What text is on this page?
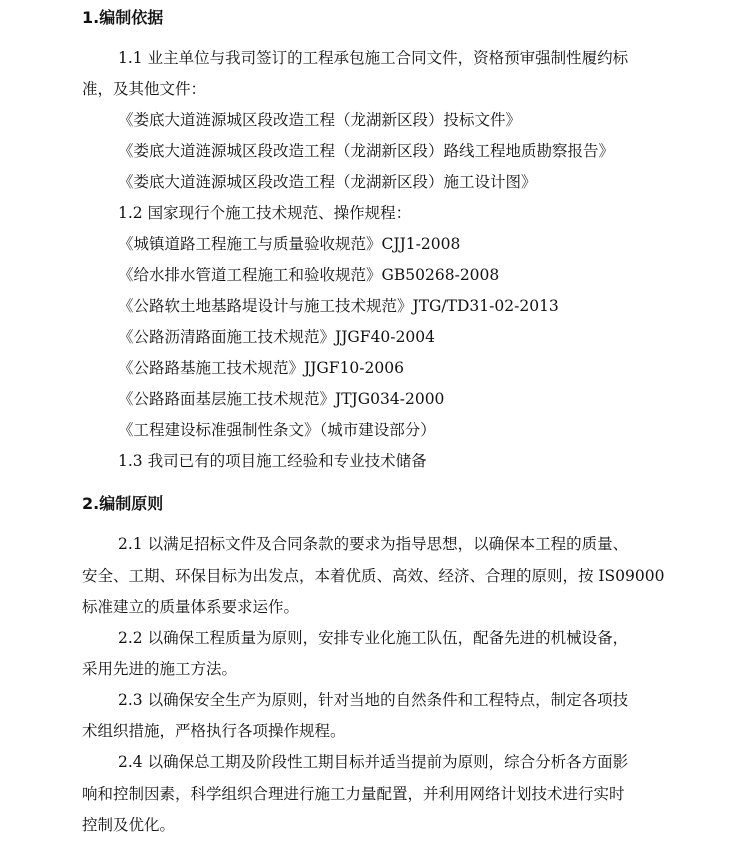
1.编制依据
1.1 业主单位与我司签订的工程承包施工合同文件，资格预审强制性履约标
准，及其他文件：
《娄底大道涟源城区段改造工程（龙湖新区段）投标文件》
《娄底大道涟源城区段改造工程（龙湖新区段）路线工程地质勘察报告》
《娄底大道涟源城区段改造工程（龙湖新区段）施工设计图》
1.2 国家现行个施工技术规范、操作规程：
《城镇道路工程施工与质量验收规范》CJJ1-2008
《给水排水管道工程施工和验收规范》GB50268-2008
《公路软土地基路堤设计与施工技术规范》JTG/TD31-02-2013
《公路沥清路面施工技术规范》JJGF40-2004
《公路路基施工技术规范》JJGF10-2006
《公路路面基层施工技术规范》JTJG034-2000
《工程建设标准强制性条文》（城市建设部分）
1.3 我司已有的项目施工经验和专业技术储备
2.编制原则
2.1 以满足招标文件及合同条款的要求为指导思想，以确保本工程的质量、
安全、工期、环保目标为出发点，本着优质、高效、经济、合理的原则，按 IS09000
标准建立的质量体系要求运作。
2.2 以确保工程质量为原则，安排专业化施工队伍，配备先进的机械设备，
采用先进的施工方法。
2.3 以确保安全生产为原则，针对当地的自然条件和工程特点，制定各项技
术组织措施，严格执行各项操作规程。
2.4 以确保总工期及阶段性工期目标并适当提前为原则，综合分析各方面影
响和控制因素，科学组织合理进行施工力量配置，并利用网络计划技术进行实时
控制及优化。
